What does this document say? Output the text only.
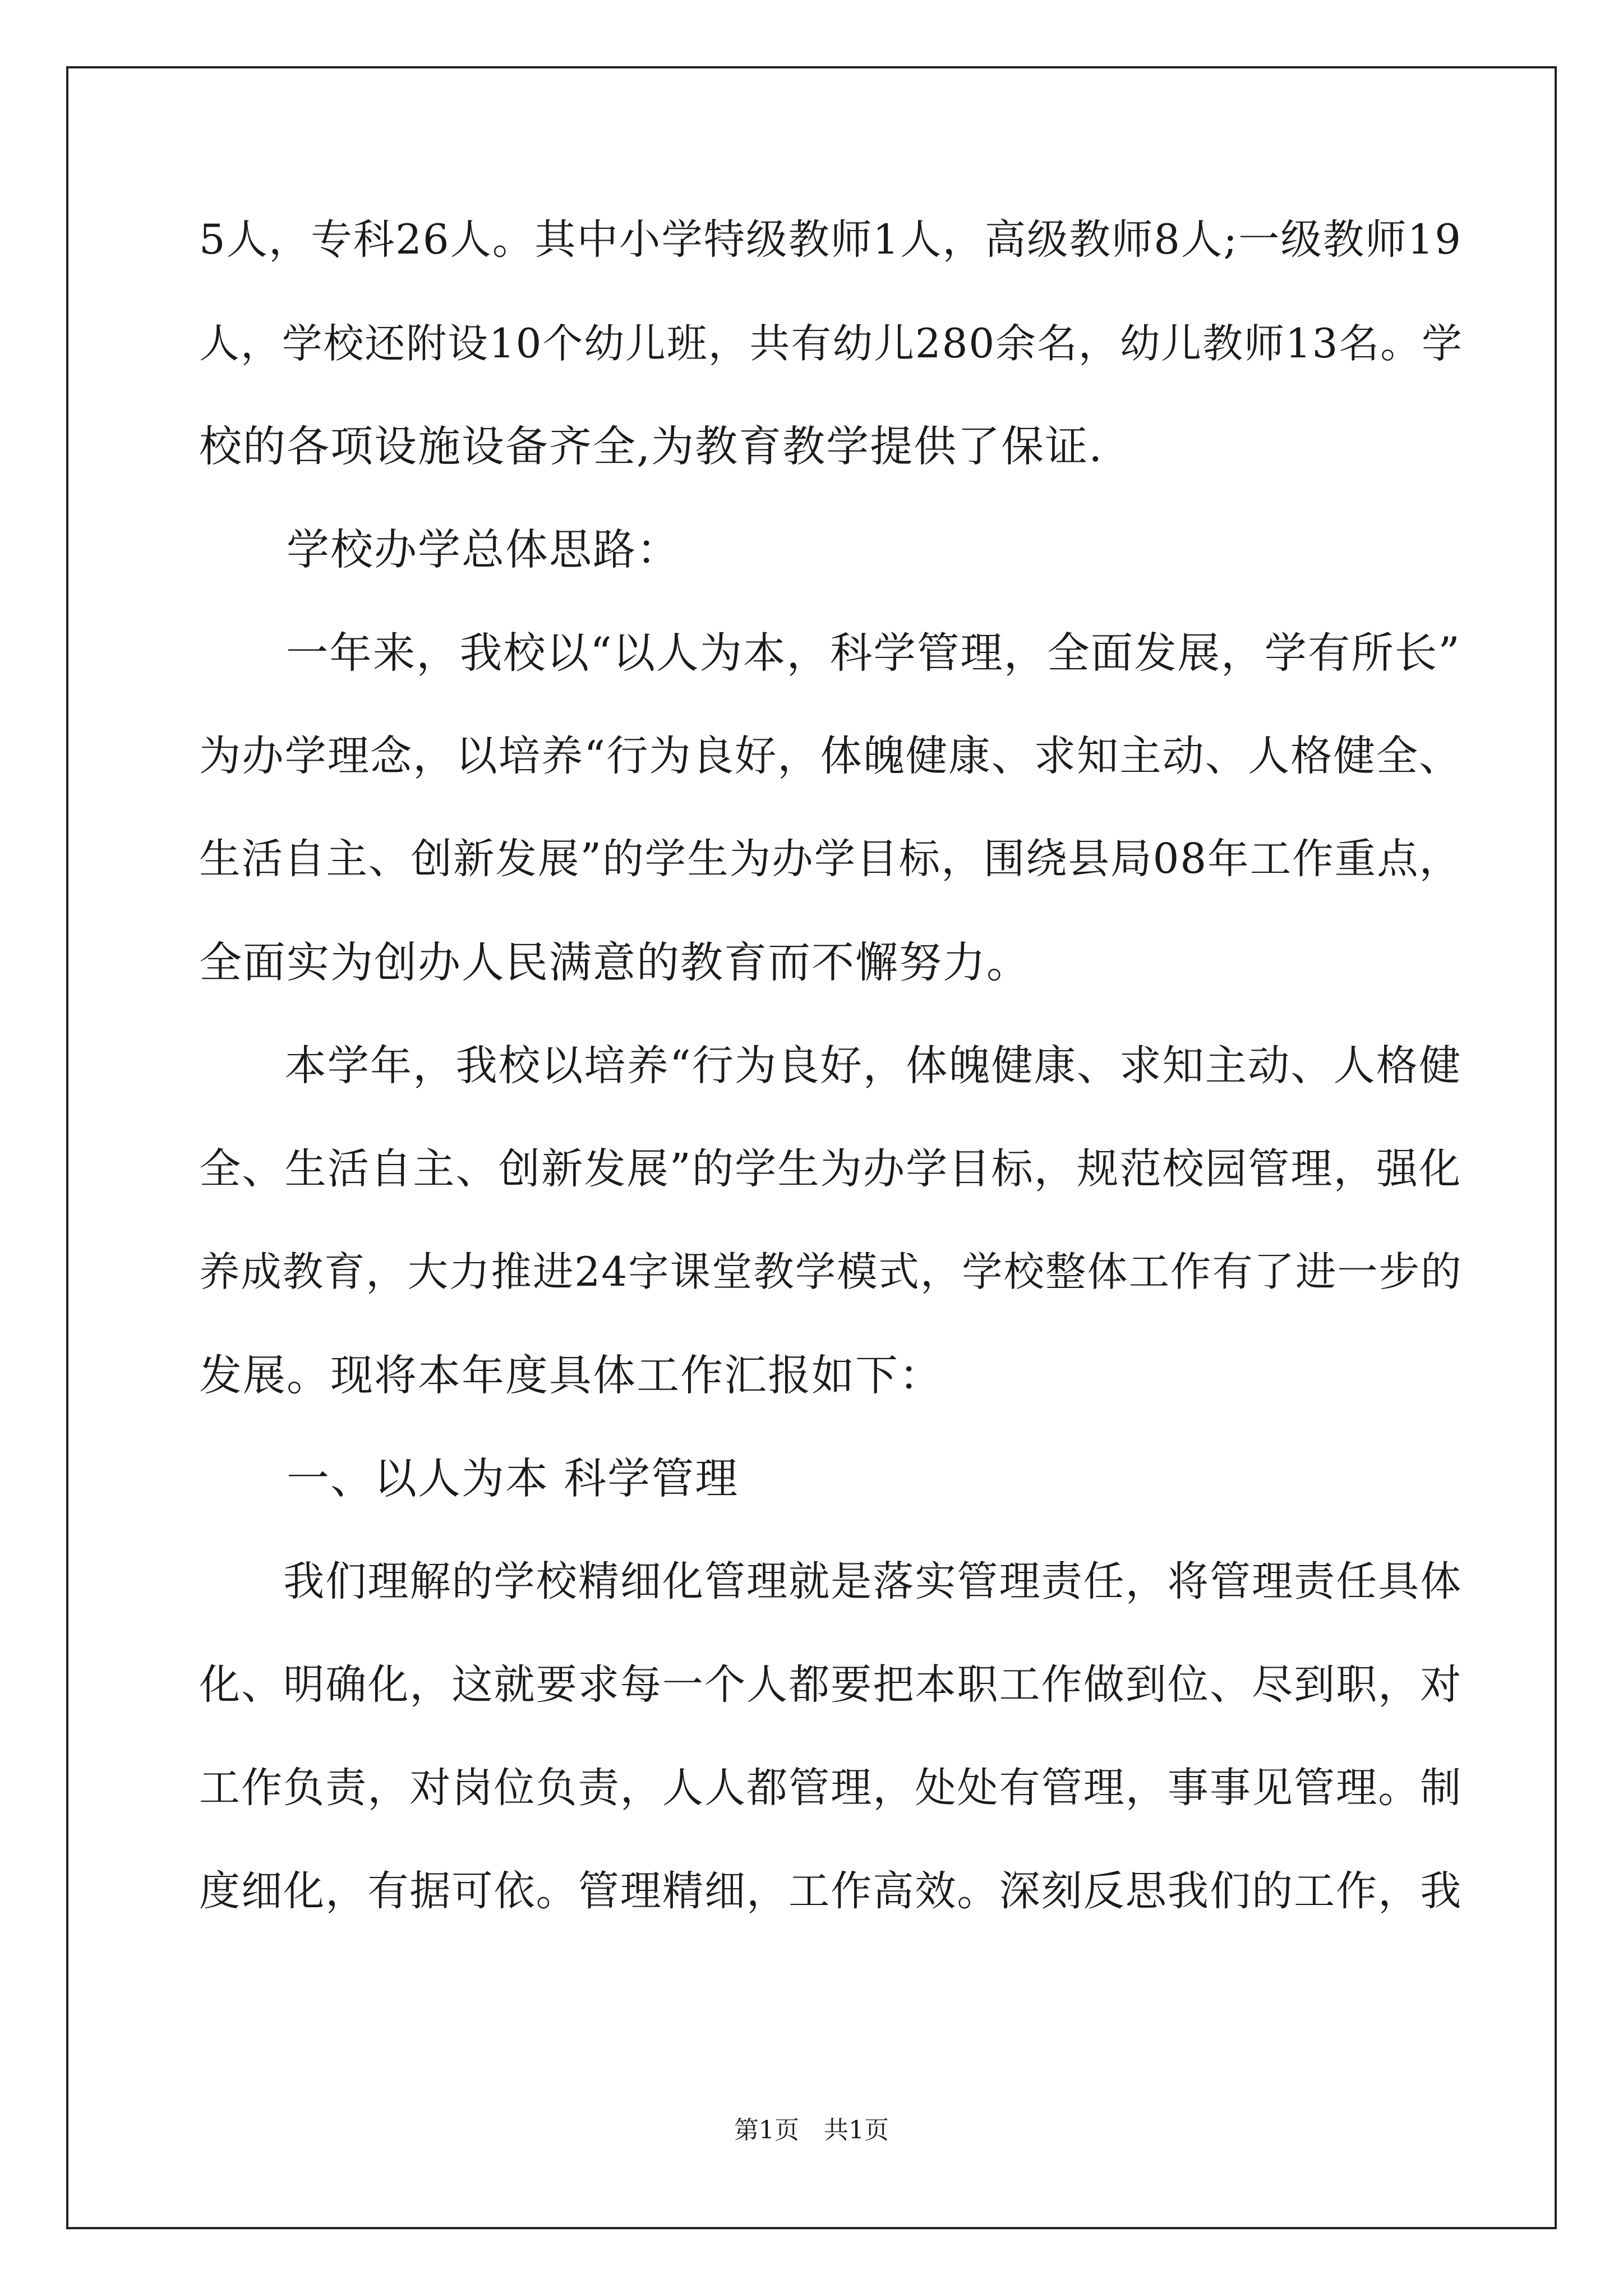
5人，专科26人。其中小学特级教师1人，高级教师8人;一级教师19
人，学校还附设10个幼儿班，共有幼儿280余名，幼儿教师13名。学
校的各项设施设备齐全,为教育教学提供了保证.
　　学校办学总体思路：
　　一年来，我校以“以人为本，科学管理，全面发展，学有所长”
为办学理念，以培养“行为良好，体魄健康、求知主动、人格健全、
生活自主、创新发展”的学生为办学目标，围绕县局08年工作重点，
全面实为创办人民满意的教育而不懈努力。
　　本学年，我校以培养“行为良好，体魄健康、求知主动、人格健
全、生活自主、创新发展”的学生为办学目标，规范校园管理，强化
养成教育，大力推进24字课堂教学模式，学校整体工作有了进一步的
发展。现将本年度具体工作汇报如下：
　　一、以人为本 科学管理
　　我们理解的学校精细化管理就是落实管理责任，将管理责任具体
化、明确化，这就要求每一个人都要把本职工作做到位、尽到职，对
工作负责，对岗位负责，人人都管理，处处有管理，事事见管理。制
度细化，有据可依。管理精细，工作高效。深刻反思我们的工作，我
第1页　共1页
